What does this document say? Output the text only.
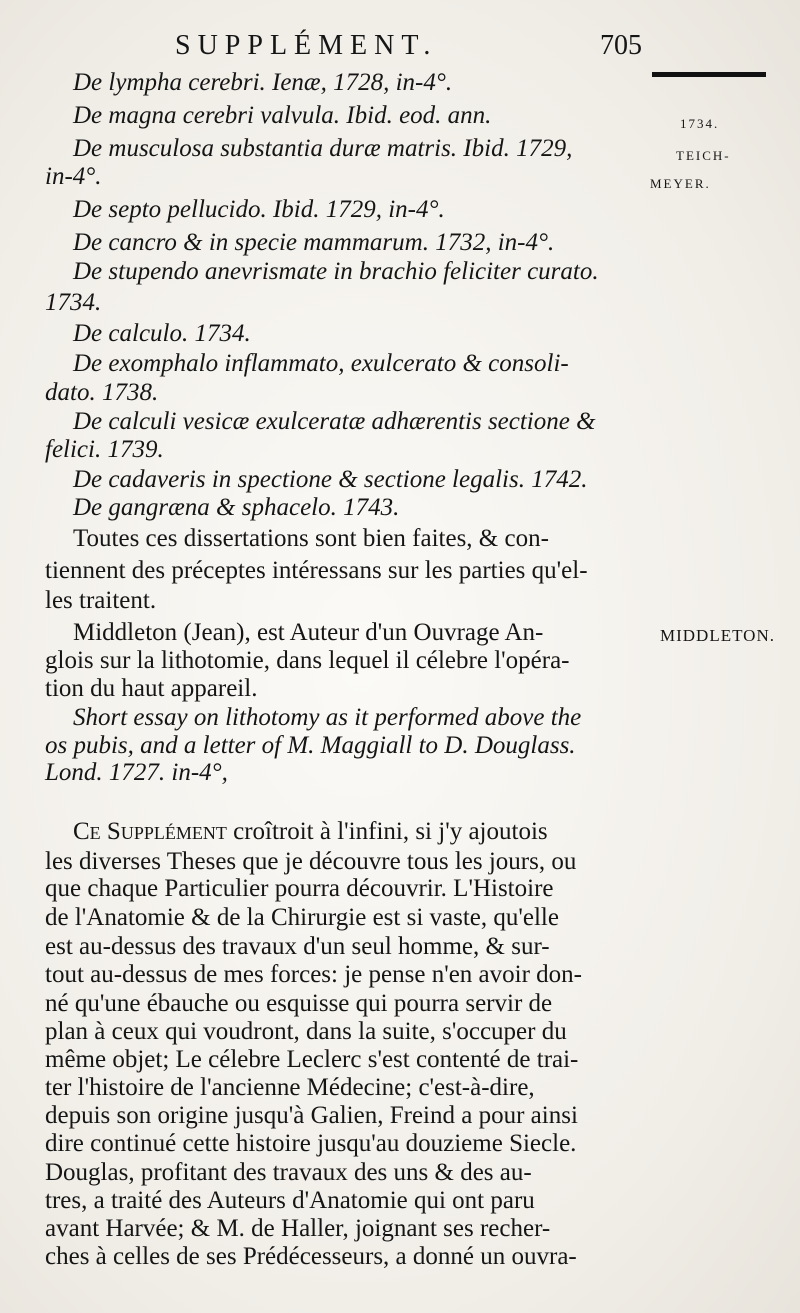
SUPPLÉMENT.	705
1734.
TEICH-
MEYER.
MIDDLETON.
De lympha cerebri. Ienæ, 1728, in-4°.
De magna cerebri valvula. Ibid. eod. ann.
De musculosa substantia duræ matris. Ibid. 1729,
in-4°.
De septo pellucido. Ibid. 1729, in-4°.
De cancro & in specie mammarum. 1732, in-4°.
De stupendo anevrismate in brachio feliciter curato.
1734.
De calculo. 1734.
De exomphalo inflammato, exulcerato & consoli-
dato. 1738.
De calculi vesicæ exulceratæ adhærentis sectione &
felici. 1739.
De cadaveris in spectione & sectione legalis. 1742.
De gangræna & sphacelo. 1743.
Toutes ces dissertations sont bien faites, & con-
tiennent des préceptes intéressans sur les parties qu'el-
les traitent.
Middleton (Jean), est Auteur d'un Ouvrage An-
glois sur la lithotomie, dans lequel il célebre l'opéra-
tion du haut appareil.
Short essay on lithotomy as it performed above the
os pubis, and a letter of M. Maggiall to D. Douglass.
Lond. 1727. in-4°,
Ce Supplément croîtroit à l'infini, si j'y ajoutois
les diverses Theses que je découvre tous les jours, ou
que chaque Particulier pourra découvrir. L'Histoire
de l'Anatomie & de la Chirurgie est si vaste, qu'elle
est au-dessus des travaux d'un seul homme, & sur-
tout au-dessus de mes forces: je pense n'en avoir don-
né qu'une ébauche ou esquisse qui pourra servir de
plan à ceux qui voudront, dans la suite, s'occuper du
même objet; Le célebre Leclerc s'est contenté de trai-
ter l'histoire de l'ancienne Médecine; c'est-à-dire,
depuis son origine jusqu'à Galien, Freind a pour ainsi
dire continué cette histoire jusqu'au douzieme Siecle.
Douglas, profitant des travaux des uns & des au-
tres, a traité des Auteurs d'Anatomie qui ont paru
avant Harvée; & M. de Haller, joignant ses recher-
ches à celles de ses Prédécesseurs, a donné un ouvra-
